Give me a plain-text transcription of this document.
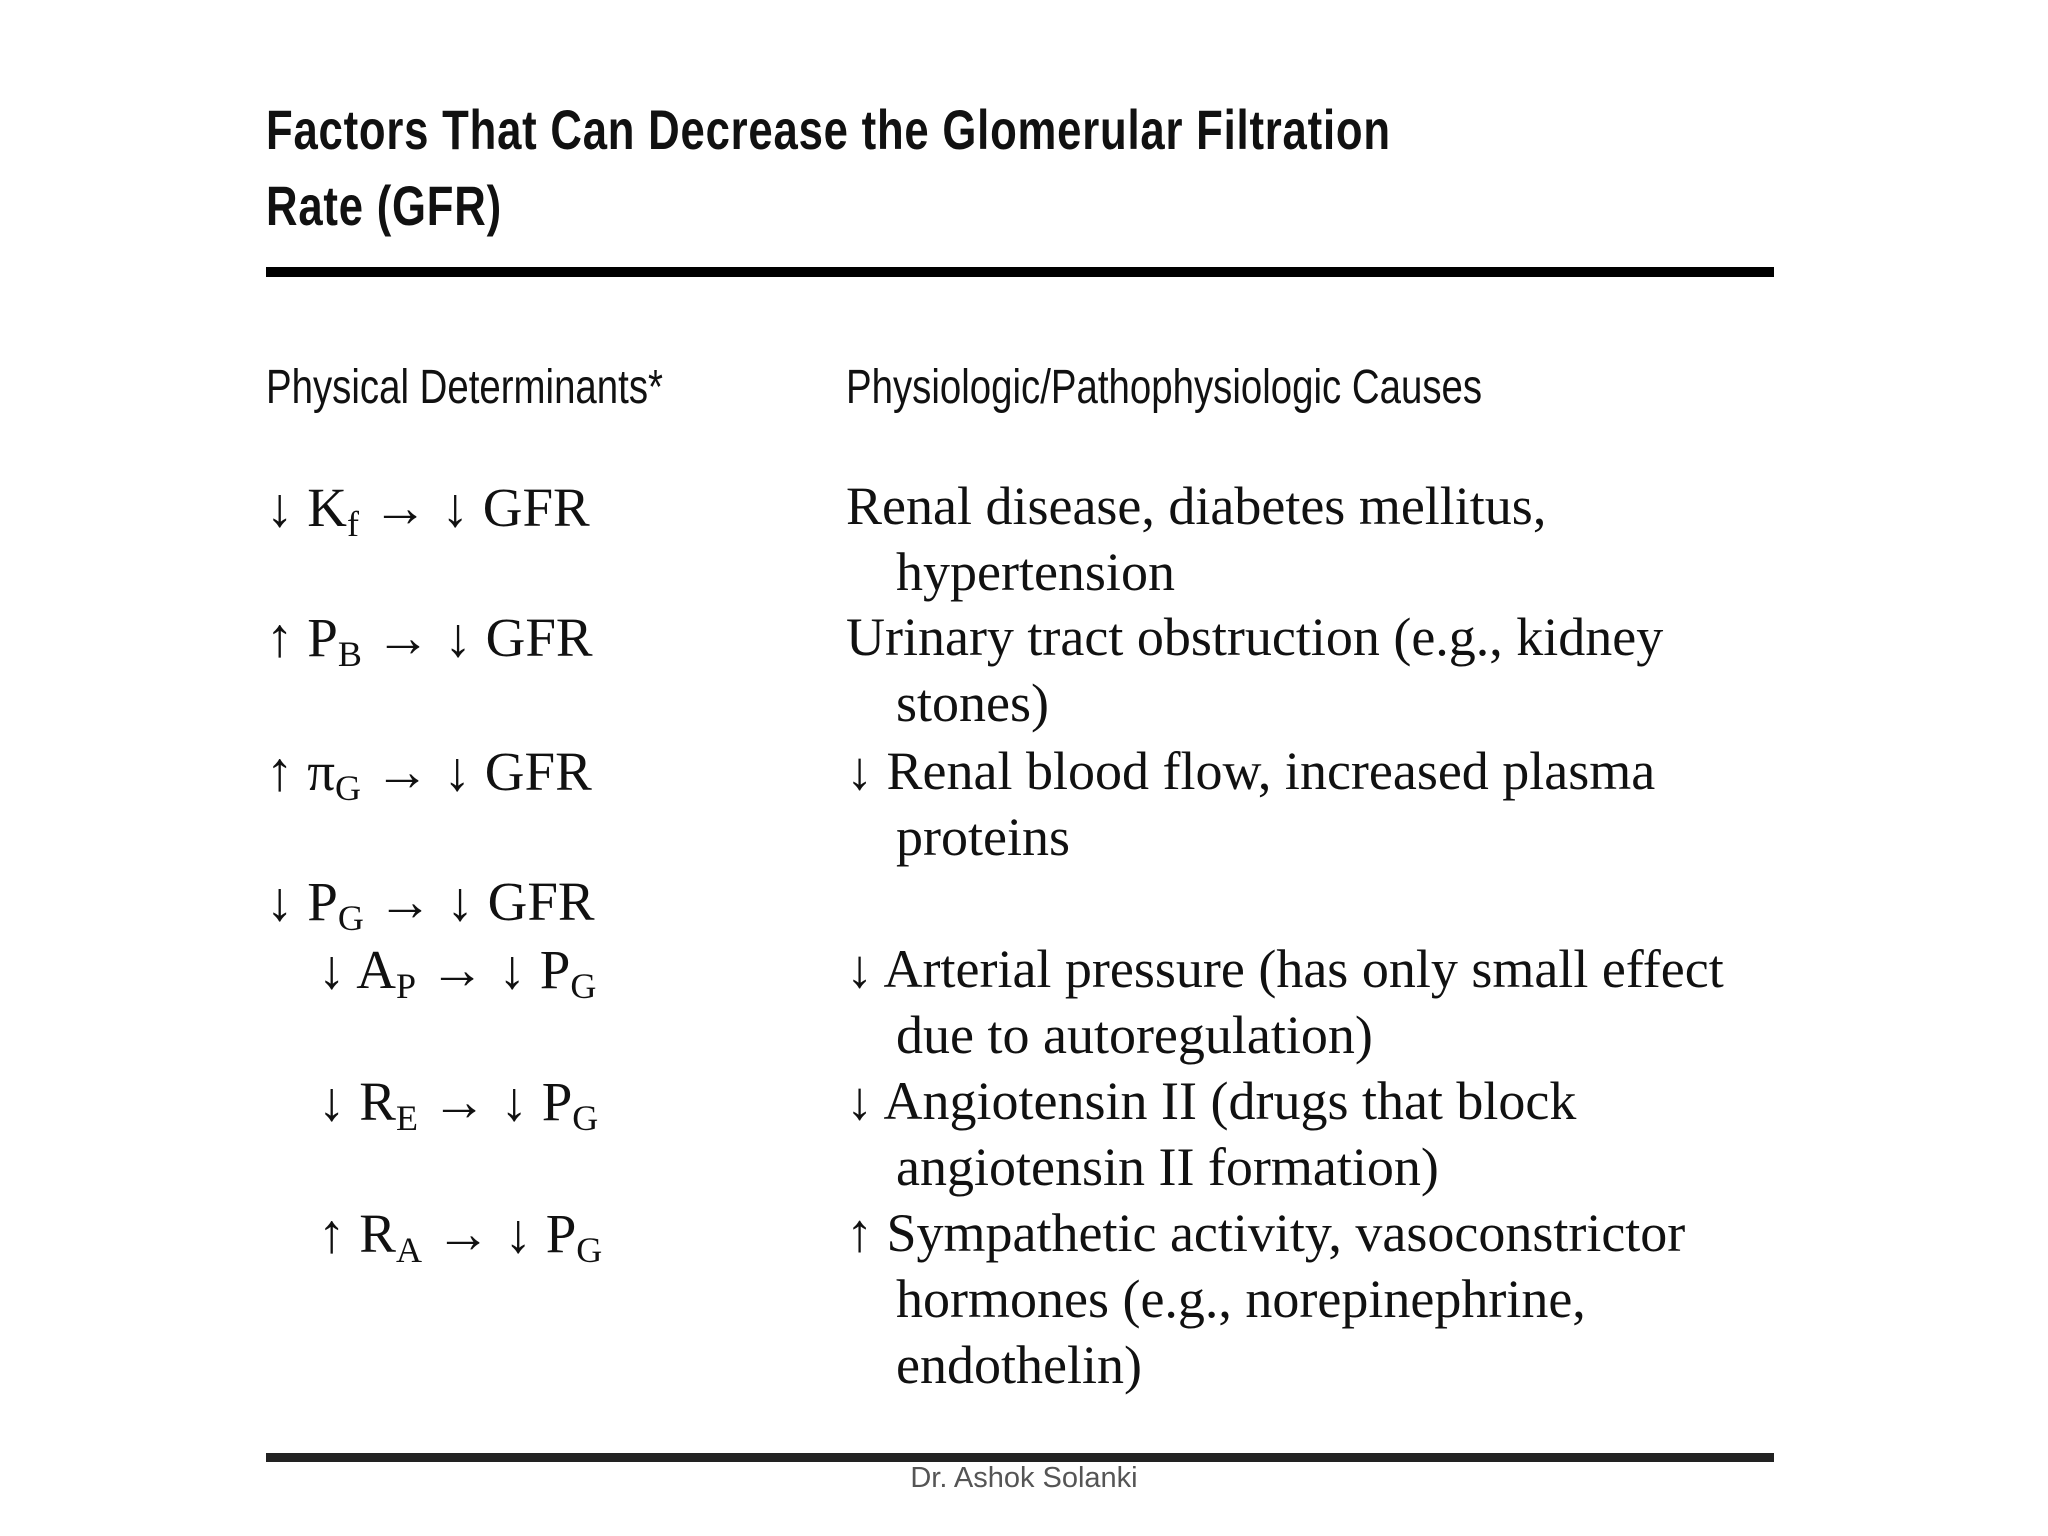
Factors That Can Decrease the Glomerular Filtration Rate (GFR)
Physical Determinants*	Physiologic/Pathophysiologic Causes
↓ $K_f$ → ↓ GFR
↑ $P_B$ → ↓ GFR
↑ $\pi_G$ → ↓ GFR
↓ $P_G$ → ↓ GFR
↓ $A_P$ → ↓ $P_G$
↓ $R_E$ → ↓ $P_G$
↑ $R_A$ → ↓ $P_G$
Renal disease, diabetes mellitus,
hypertension
Urinary tract obstruction (e.g., kidney
stones)
↓ Renal blood flow, increased plasma
proteins
↓ Arterial pressure (has only small effect
due to autoregulation)
↓ Angiotensin II (drugs that block
angiotensin II formation)
↑ Sympathetic activity, vasoconstrictor
hormones (e.g., norepinephrine,
endothelin)
Dr. Ashok Solanki
